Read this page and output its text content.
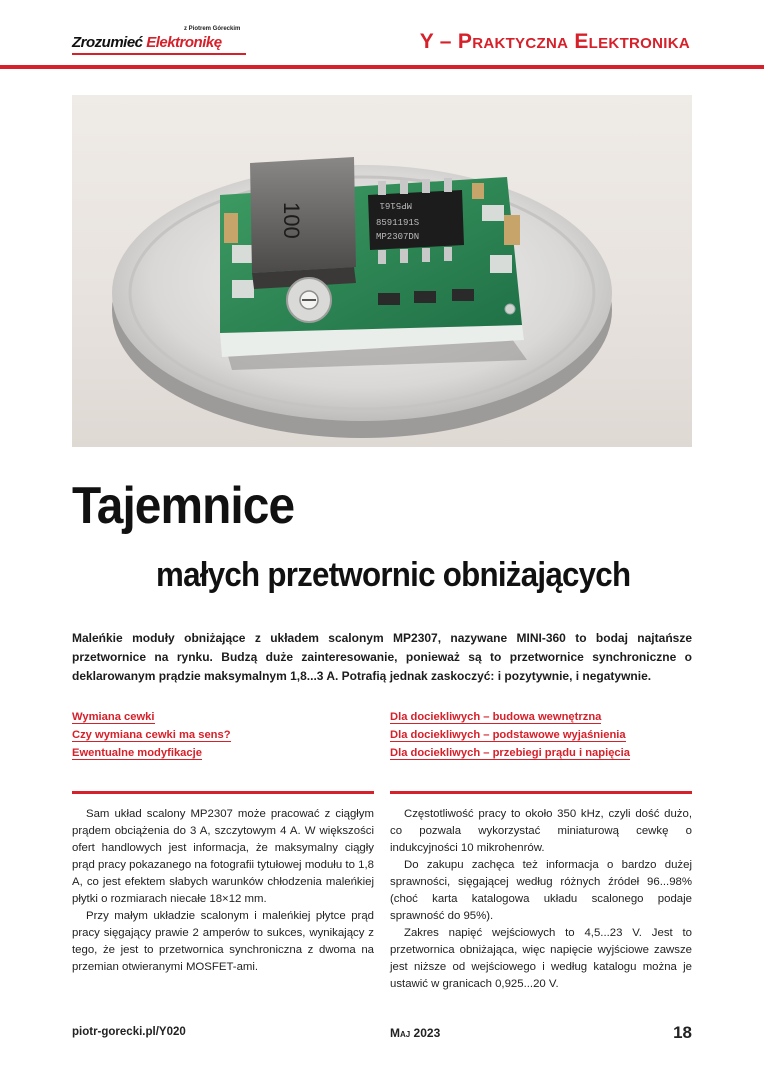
z Piotrem Góreckim
Zrozumieć Elektronikę	Y – Praktyczna Elektronika
100	MP5161
8591191S
MP2307DN
Tajemnice
małych przetwornic obniżających
Maleńkie moduły obniżające z układem scalonym MP2307, nazywane MINI-360 to bodaj najtańsze przetwornice na rynku. Budzą duże zainteresowanie, ponieważ są to przetwornice synchroniczne o deklarowanym prądzie maksymalnym 1,8...3 A. Potrafią jednak zaskoczyć: i pozytywnie, i negatywnie.
Wymiana cewki
Czy wymiana cewki ma sens?
Ewentualne modyfikacje
Dla dociekliwych – budowa wewnętrzna
Dla dociekliwych – podstawowe wyjaśnienia
Dla dociekliwych – przebiegi prądu i napięcia

Sam układ scalony MP2307 może pracować z ciągłym prądem obciążenia do 3 A, szczytowym 4 A. W większości ofert handlowych jest informacja, że maksymalny ciągły prąd pracy pokazanego na fotografii tytułowej modułu to 1,8 A, co jest efektem słabych warunków chłodzenia maleńkiej płytki o rozmiarach niecałe 18×12 mm.

Przy małym układzie scalonym i maleńkiej płytce prąd pracy sięgający prawie 2 amperów to sukces, wynikający z tego, że jest to przetwornica synchroniczna z dwoma na przemian otwieranymi MOSFET-ami.

Częstotliwość pracy to około 350 kHz, czyli dość dużo, co pozwala wykorzystać miniaturową cewkę o indukcyjności 10 mikrohenrów.

Do zakupu zachęca też informacja o bardzo dużej sprawności, sięgającej według różnych źródeł 96...98% (choć karta katalogowa układu scalonego podaje sprawność do 95%).

Zakres napięć wejściowych to 4,5...23 V. Jest to przetwornica obniżająca, więc napięcie wyjściowe zawsze jest niższe od wejściowego i według katalogu można je ustawić w granicach 0,925...20 V.

piotr-gorecki.pl/Y020	Maj 2023	18
